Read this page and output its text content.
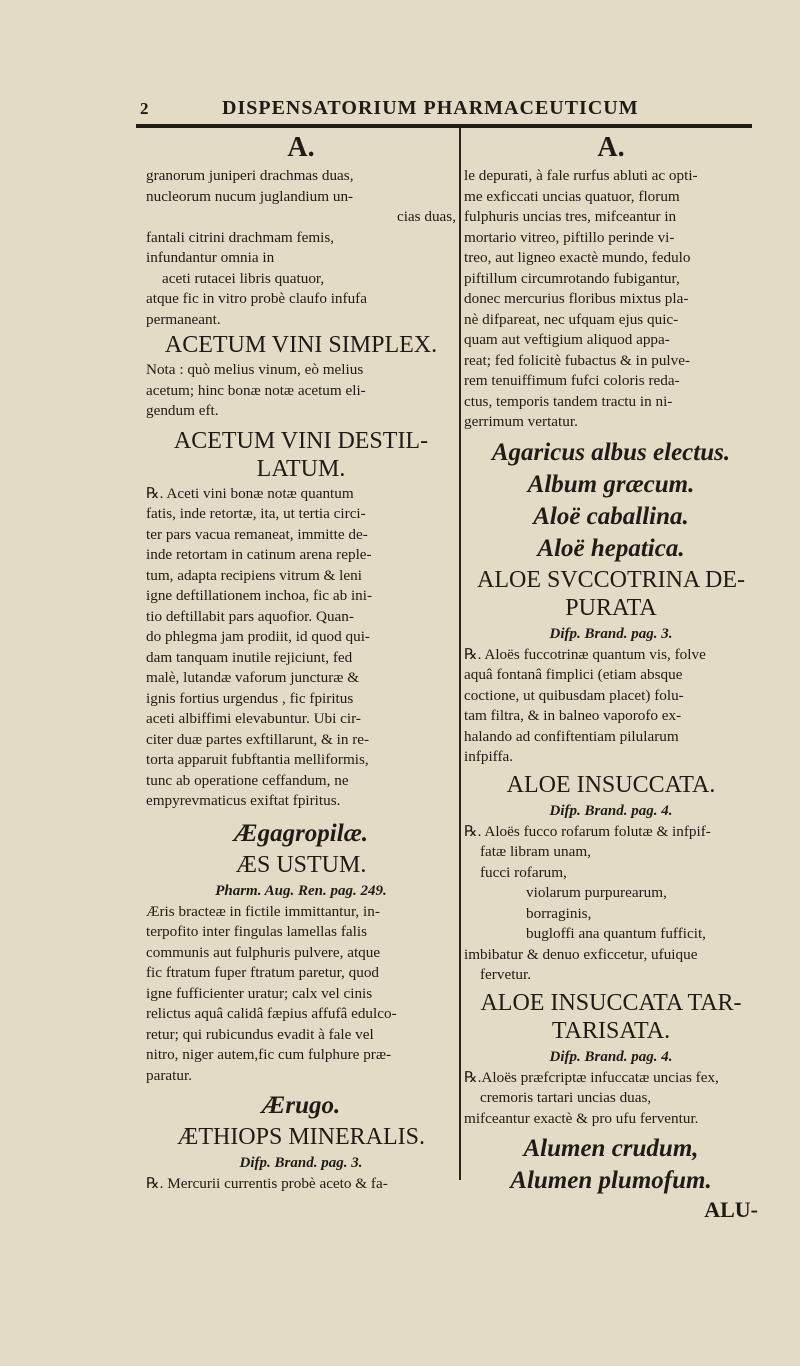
2	DISPENSATORIUM PHARMACEUTICUM
A.

granorum juniperi drachmas duas,

nucleorum nucum juglandium un-

cias duas,

fantali citrini drachmam femis,

infundantur omnia in

aceti rutacei libris quatuor,

atque fic in vitro probè claufo infufa

permaneant.

ACETUM VINI SIMPLEX.

Nota : quò melius vinum, eò melius

acetum; hinc bonæ notæ acetum eli-

gendum eft.

ACETUM VINI DESTIL-
LATUM.

℞. Aceti vini bonæ notæ quantum

fatis, inde retortæ, ita, ut tertia circi-

ter pars vacua remaneat, immitte de-

inde retortam in catinum arena reple-

tum, adapta recipiens vitrum & leni

igne deftillationem inchoa, fic ab ini-

tio deftillabit pars aquofior. Quan-

do phlegma jam prodiit, id quod qui-

dam tanquam inutile rejiciunt, fed

malè, lutandæ vaforum juncturæ &

ignis fortius urgendus , fic fpiritus

aceti albiffimi elevabuntur. Ubi cir-

citer duæ partes exftillarunt, & in re-

torta apparuit fubftantia melliformis,

tunc ab operatione ceffandum, ne

empyrevmaticus exiftat fpiritus.

Ægagropilæ.
ÆS USTUM.
Pharm. Aug. Ren. pag. 249.

Æris bracteæ in fictile immittantur, in-

terpofito inter fingulas lamellas falis

communis aut fulphuris pulvere, atque

fic ftratum fuper ftratum paretur, quod

igne fufficienter uratur; calx vel cinis

relictus aquâ calidâ fæpius affufâ edulco-

retur; qui rubicundus evadit à fale vel

nitro, niger autem,fic cum fulphure præ-

paratur.

Ærugo.
ÆTHIOPS MINERALIS.
Difp. Brand. pag. 3.

℞. Mercurii currentis probè aceto & fa-

A.

le depurati, à fale rurfus abluti ac opti-

me exficcati uncias quatuor, florum

fulphuris uncias tres, mifceantur in

mortario vitreo, piftillo perinde vi-

treo, aut ligneo exactè mundo, fedulo

piftillum circumrotando fubigantur,

donec mercurius floribus mixtus pla-

nè difpareat, nec ufquam ejus quic-

quam aut veftigium aliquod appa-

reat; fed folicitè fubactus & in pulve-

rem tenuiffimum fufci coloris reda-

ctus, temporis tandem tractu in ni-

gerrimum vertatur.

Agaricus albus electus.
Album græcum.
Aloë caballina.
Aloë hepatica.
ALOE SVCCOTRINA DE-
PURATA
Difp. Brand. pag. 3.

℞. Aloës fuccotrinæ quantum vis, folve

aquâ fontanâ fimplici (etiam absque

coctione, ut quibusdam placet) folu-

tam filtra, & in balneo vaporofo ex-

halando ad confiftentiam pilularum

infpiffa.

ALOE INSUCCATA.
Difp. Brand. pag. 4.

℞. Aloës fucco rofarum folutæ & infpif-

fatæ libram unam,

fucci rofarum,

violarum purpurearum,

borraginis,

bugloffi ana quantum fufficit,

imbibatur & denuo exficcetur, ufuique

fervetur.

ALOE INSUCCATA TAR-
TARISATA.
Difp. Brand. pag. 4.

℞.Aloës præfcriptæ infuccatæ uncias fex,

cremoris tartari uncias duas,

mifceantur exactè & pro ufu ferventur.

Alumen crudum,
Alumen plumofum.
ALU-
